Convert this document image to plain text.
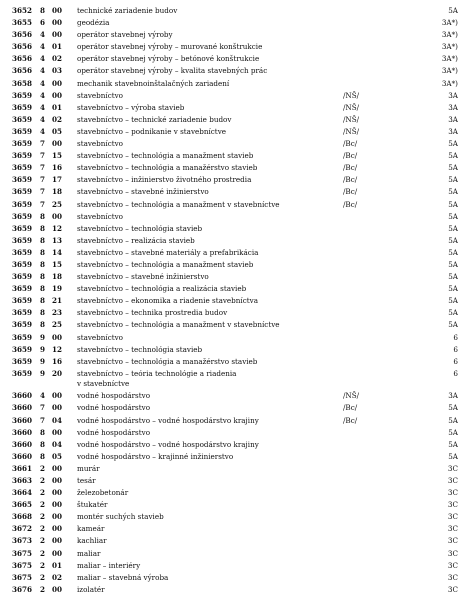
3652 8 00 technické zariadenie budov	5A
3655 6 00 geodézia	3A*)
3656 4 00 operátor stavebnej výroby	3A*)
3656 4 01 operátor stavebnej výroby – murované konštrukcie	3A*)
3656 4 02 operátor stavebnej výroby – betónové konštrukcie	3A*)
3656 4 03 operátor stavebnej výroby – kvalita stavebných prác	3A*)
3658 4 00 mechanik stavebnoinštalačných zariadení	3A*)
3659 4 00 stavebníctvo	/NŠ/	3A
3659 4 01 stavebníctvo – výroba stavieb	/NŠ/	3A
3659 4 02 stavebníctvo – technické zariadenie budov	/NŠ/	3A
3659 4 05 stavebníctvo – podnikanie v stavebníctve	/NŠ/	3A
3659 7 00 stavebníctvo	/Bc/	5A
3659 7 15 stavebníctvo – technológia a manažment stavieb	/Bc/	5A
3659 7 16 stavebníctvo – technológia a manažérstvo stavieb	/Bc/	5A
3659 7 17 stavebníctvo – inžinierstvo životného prostredia	/Bc/	5A
3659 7 18 stavebníctvo – stavebné inžinierstvo	/Bc/	5A
3659 7 25 stavebníctvo – technológia a manažment v stavebníctve	/Bc/	5A
3659 8 00 stavebníctvo	5A
3659 8 12 stavebníctvo – technológia stavieb	5A
3659 8 13 stavebníctvo – realizácia stavieb	5A
3659 8 14 stavebníctvo – stavebné materiály a prefabrikácia	5A
3659 8 15 stavebníctvo – technológia a manažment stavieb	5A
3659 8 18 stavebníctvo – stavebné inžinierstvo	5A
3659 8 19 stavebníctvo – technológia a realizácia stavieb	5A
3659 8 21 stavebníctvo – ekonomika a riadenie stavebníctva	5A
3659 8 23 stavebníctvo – technika prostredia budov	5A
3659 8 25 stavebníctvo – technológia a manažment v stavebníctve	5A
3659 9 00 stavebníctvo	6
3659 9 12 stavebníctvo – technológia stavieb	6
3659 9 16 stavebníctvo – technológia a manažérstvo stavieb	6
3659 9 20 stavebníctvo – teória technológie a riadenia
v stavebníctve
6
3660 4 00 vodné hospodárstvo	/NŠ/	3A
3660 7 00 vodné hospodárstvo	/Bc/	5A
3660 7 04 vodné hospodárstvo – vodné hospodárstvo krajiny	/Bc/	5A
3660 8 00 vodné hospodárstvo	5A
3660 8 04 vodné hospodárstvo – vodné hospodárstvo krajiny	5A
3660 8 05 vodné hospodárstvo – krajinné inžinierstvo	5A
3661 2 00 murár	3C
3663 2 00 tesár	3C
3664 2 00 železobetonár	3C
3665 2 00 štukatér	3C
3668 2 00 montér suchých stavieb	3C
3672 2 00 kameár	3C
3673 2 00 kachliar	3C
3675 2 00 maliar	3C
3675 2 01 maliar – interiéry	3C
3675 2 02 maliar – stavebná výroba	3C
3676 2 00 izolatér	3C
